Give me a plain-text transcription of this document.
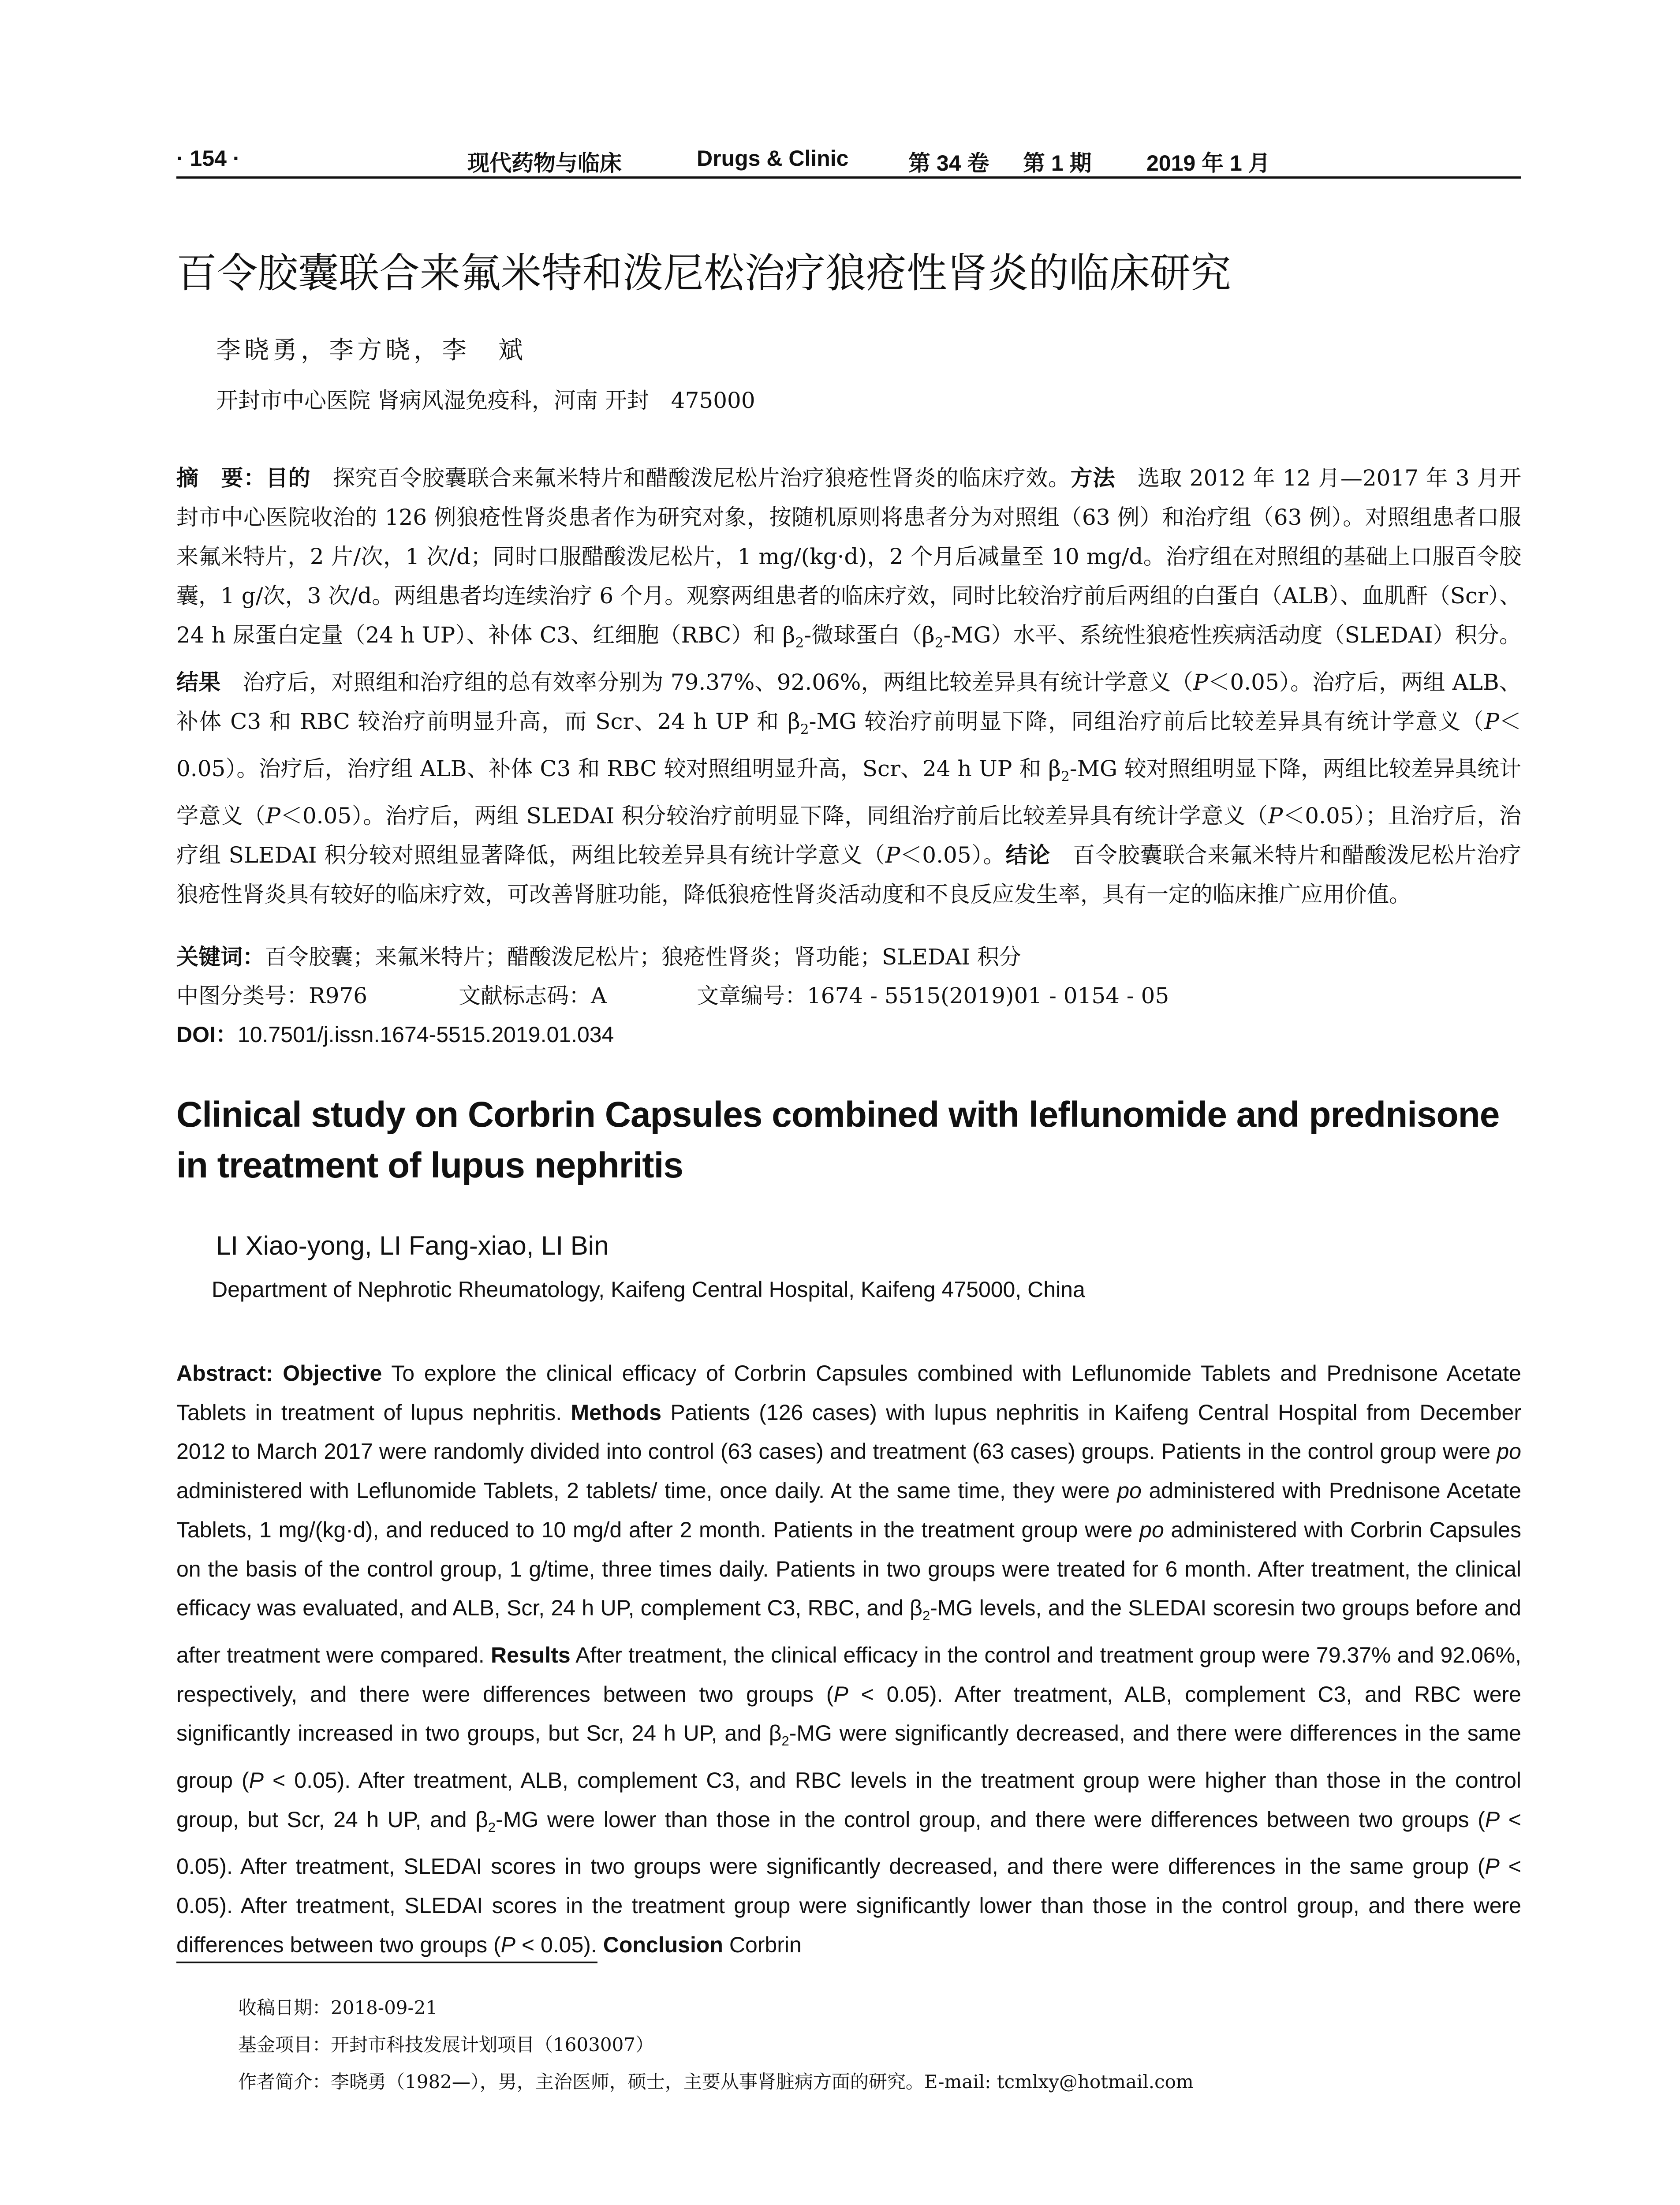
· 154 ·	现代药物与临床	Drugs & Clinic	第 34 卷 第 1 期 2019 年 1 月
百令胶囊联合来氟米特和泼尼松治疗狼疮性肾炎的临床研究
李晓勇，李方晓，李　斌
开封市中心医院 肾病风湿免疫科，河南 开封　475000
摘　要：目的　探究百令胶囊联合来氟米特片和醋酸泼尼松片治疗狼疮性肾炎的临床疗效。方法　选取 2012 年 12 月—2017 年 3 月开封市中心医院收治的 126 例狼疮性肾炎患者作为研究对象，按随机原则将患者分为对照组（63 例）和治疗组（63 例）。对照组患者口服来氟米特片，2 片/次，1 次/d；同时口服醋酸泼尼松片，1 mg/(kg·d)，2 个月后减量至 10 mg/d。治疗组在对照组的基础上口服百令胶囊，1 g/次，3 次/d。两组患者均连续治疗 6 个月。观察两组患者的临床疗效，同时比较治疗前后两组的白蛋白（ALB）、血肌酐（Scr）、24 h 尿蛋白定量（24 h UP）、补体 C3、红细胞（RBC）和 $\beta_2-$微球蛋白$(\beta_2-MG)$水平、系统性狼疮性疾病活动度（SLEDAI）积分。结果　治疗后，对照组和治疗组的总有效率分别为 79.37%、92.06%，两组比较差异具有统计学意义（P＜0.05）。治疗后，两组 ALB、补体 C3 和 RBC 较治疗前明显升高，而 Scr、24 h UP 和 $\beta_2-MG$ 较治疗前明显下降，同组治疗前后比较差异具有统计学意义（P＜0.05）。治疗后，治疗组 ALB、补体 C3 和 RBC 较对照组明显升高，Scr、24 h UP 和 $\beta_2-MG$ 较对照组明显下降，两组比较差异具统计学意义（P＜0.05）。治疗后，两组 SLEDAI 积分较治疗前明显下降，同组治疗前后比较差异具有统计学意义（P＜0.05）；且治疗后，治疗组 SLEDAI 积分较对照组显著降低，两组比较差异具有统计学意义（P＜0.05）。结论　百令胶囊联合来氟米特片和醋酸泼尼松片治疗狼疮性肾炎具有较好的临床疗效，可改善肾脏功能，降低狼疮性肾炎活动度和不良反应发生率，具有一定的临床推广应用价值。
关键词：百令胶囊；来氟米特片；醋酸泼尼松片；狼疮性肾炎；肾功能；SLEDAI 积分
中图分类号：R976	文献标志码：A	文章编号：1674 - 5515(2019)01 - 0154 - 05
DOI：10.7501/j.issn.1674-5515.2019.01.034
Clinical study on Corbrin Capsules combined with leflunomide and prednisone in treatment of lupus nephritis
LI Xiao-yong, LI Fang-xiao, LI Bin
Department of Nephrotic Rheumatology, Kaifeng Central Hospital, Kaifeng 475000, China
Abstract: Objective To explore the clinical efficacy of Corbrin Capsules combined with Leflunomide Tablets and Prednisone Acetate Tablets in treatment of lupus nephritis. Methods Patients (126 cases) with lupus nephritis in Kaifeng Central Hospital from December 2012 to March 2017 were randomly divided into control (63 cases) and treatment (63 cases) groups. Patients in the control group were po administered with Leflunomide Tablets, 2 tablets/ time, once daily. At the same time, they were po administered with Prednisone Acetate Tablets, 1 mg/(kg·d), and reduced to 10 mg/d after 2 month. Patients in the treatment group were po administered with Corbrin Capsules on the basis of the control group, 1 g/time, three times daily. Patients in two groups were treated for 6 month. After treatment, the clinical efficacy was evaluated, and ALB, Scr, 24 h UP, complement C3, RBC, and $\beta_2-MG$ levels, and the SLEDAI scoresin two groups before and after treatment were compared. Results After treatment, the clinical efficacy in the control and treatment group were 79.37% and 92.06%, respectively, and there were differences between two groups (P < 0.05). After treatment, ALB, complement C3, and RBC were significantly increased in two groups, but Scr, 24 h UP, and $\beta_2-MG$ were significantly decreased, and there were differences in the same group (P < 0.05). After treatment, ALB, complement C3, and RBC levels in the treatment group were higher than those in the control group, but Scr, 24 h UP, and $\beta_2-MG$ were lower than those in the control group, and there were differences between two groups (P < 0.05). After treatment, SLEDAI scores in two groups were significantly decreased, and there were differences in the same group (P < 0.05). After treatment, SLEDAI scores in the treatment group were significantly lower than those in the control group, and there were differences between two groups (P < 0.05). Conclusion Corbrin
收稿日期：2018-09-21
基金项目：开封市科技发展计划项目（1603007）
作者简介：李晓勇（1982—），男，主治医师，硕士，主要从事肾脏病方面的研究。E-mail: tcmlxy@hotmail.com
